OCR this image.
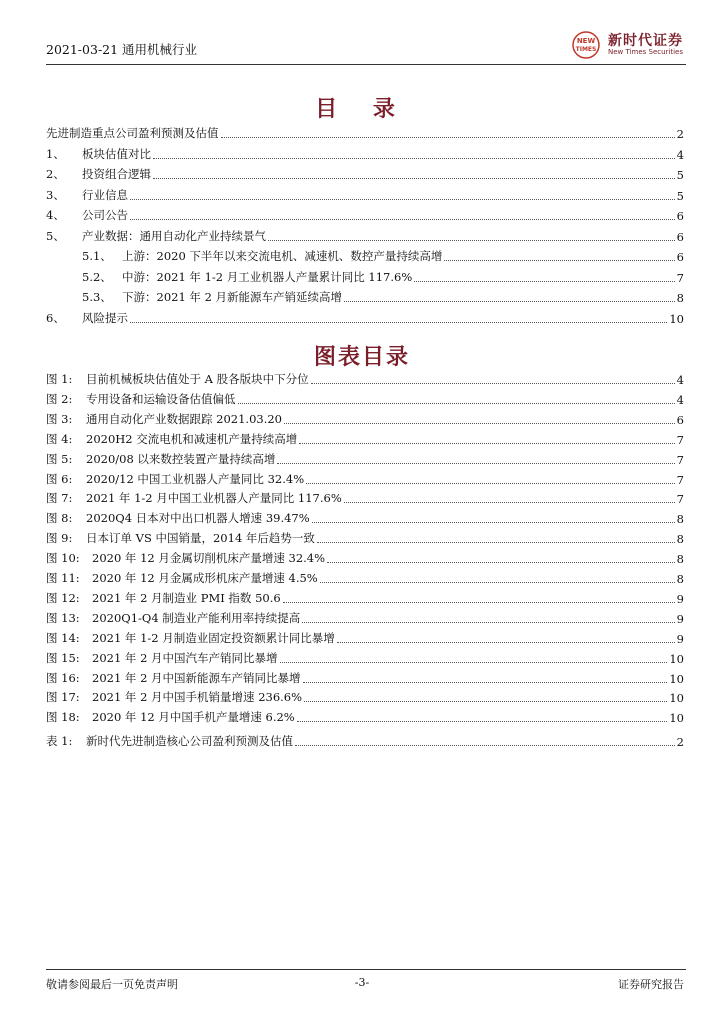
2021-03-21 通用机械行业
NEW
TIMES
新时代证券
New Times Securities
目 录
先进制造重点公司盈利预测及估值	2
1、	板块估值对比	4
2、	投资组合逻辑	5
3、	行业信息	5
4、	公司公告	6
5、	产业数据：通用自动化产业持续景气	6
5.1、 上游：2020 下半年以来交流电机、减速机、数控产量持续高增	6
5.2、 中游：2021 年 1-2 月工业机器人产量累计同比 117.6%	7
5.3、 下游：2021 年 2 月新能源车产销延续高增	8
6、	风险提示	10
图表目录
图 1:	目前机械板块估值处于 A 股各版块中下分位	4
图 2:	专用设备和运输设备估值偏低	4
图 3:	通用自动化产业数据跟踪 2021.03.20	6
图 4:	2020H2 交流电机和减速机产量持续高增	7
图 5:	2020/08 以来数控装置产量持续高增	7
图 6:	2020/12 中国工业机器人产量同比 32.4%	7
图 7:	2021 年 1-2 月中国工业机器人产量同比 117.6%	7
图 8:	2020Q4 日本对中出口机器人增速 39.47%	8
图 9:	日本订单 VS 中国销量，2014 年后趋势一致	8
图 10:	2020 年 12 月金属切削机床产量增速 32.4%	8
图 11:	2020 年 12 月金属成形机床产量增速 4.5%	8
图 12:	2021 年 2 月制造业 PMI 指数 50.6	9
图 13:	2020Q1-Q4 制造业产能利用率持续提高	9
图 14:	2021 年 1-2 月制造业固定投资额累计同比暴增	9
图 15:	2021 年 2 月中国汽车产销同比暴增	10
图 16:	2021 年 2 月中国新能源车产销同比暴增	10
图 17:	2021 年 2 月中国手机销量增速 236.6%	10
图 18:	2020 年 12 月中国手机产量增速 6.2%	10
表 1:	新时代先进制造核心公司盈利预测及估值	2
敬请参阅最后一页免责声明	-3-	证券研究报告
